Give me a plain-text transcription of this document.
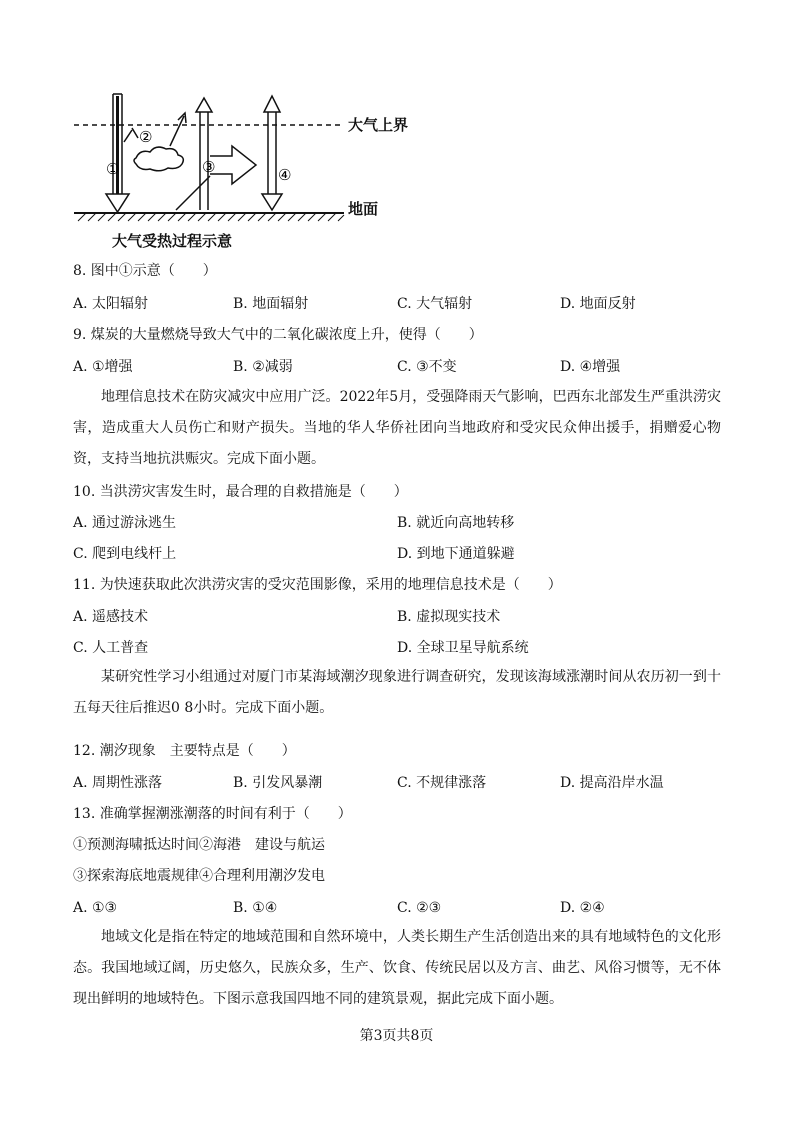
①
②
③	④
大气上界
地面
大气受热过程示意
8. 图中①示意（　　）
A. 太阳辐射	B. 地面辐射	C. 大气辐射	D. 地面反射
9. 煤炭的大量燃烧导致大气中的二氧化碳浓度上升，使得（　　）
A. ①增强	B. ②减弱	C. ③不变	D. ④增强
地理信息技术在防灾减灾中应用广泛。2022年5月，受强降雨天气影响，巴西东北部发生严重洪涝灾害，造成重大人员伤亡和财产损失。当地的华人华侨社团向当地政府和受灾民众伸出援手，捐赠爱心物资，支持当地抗洪赈灾。完成下面小题。
10. 当洪涝灾害发生时，最合理的自救措施是（　　）
A. 通过游泳逃生	B. 就近向高地转移
C. 爬到电线杆上	D. 到地下通道躲避
11. 为快速获取此次洪涝灾害的受灾范围影像，采用的地理信息技术是（　　）
A. 遥感技术	B. 虚拟现实技术
C. 人工普查	D. 全球卫星导航系统
某研究性学习小组通过对厦门市某海域潮汐现象进行调查研究，发现该海域涨潮时间从农历初一到十五每天往后推迟0 8小时。完成下面小题。
12. 潮汐现象　主要特点是（　　）
A. 周期性涨落	B. 引发风暴潮	C. 不规律涨落	D. 提高沿岸水温
13. 准确掌握潮涨潮落的时间有利于（　　）
①预测海啸抵达时间②海港　建设与航运
③探索海底地震规律④合理利用潮汐发电
A. ①③	B. ①④	C. ②③	D. ②④
地域文化是指在特定的地域范围和自然环境中，人类长期生产生活创造出来的具有地域特色的文化形态。我国地域辽阔，历史悠久，民族众多，生产、饮食、传统民居以及方言、曲艺、风俗习惯等，无不体现出鲜明的地域特色。下图示意我国四地不同的建筑景观，据此完成下面小题。
第3页共8页
